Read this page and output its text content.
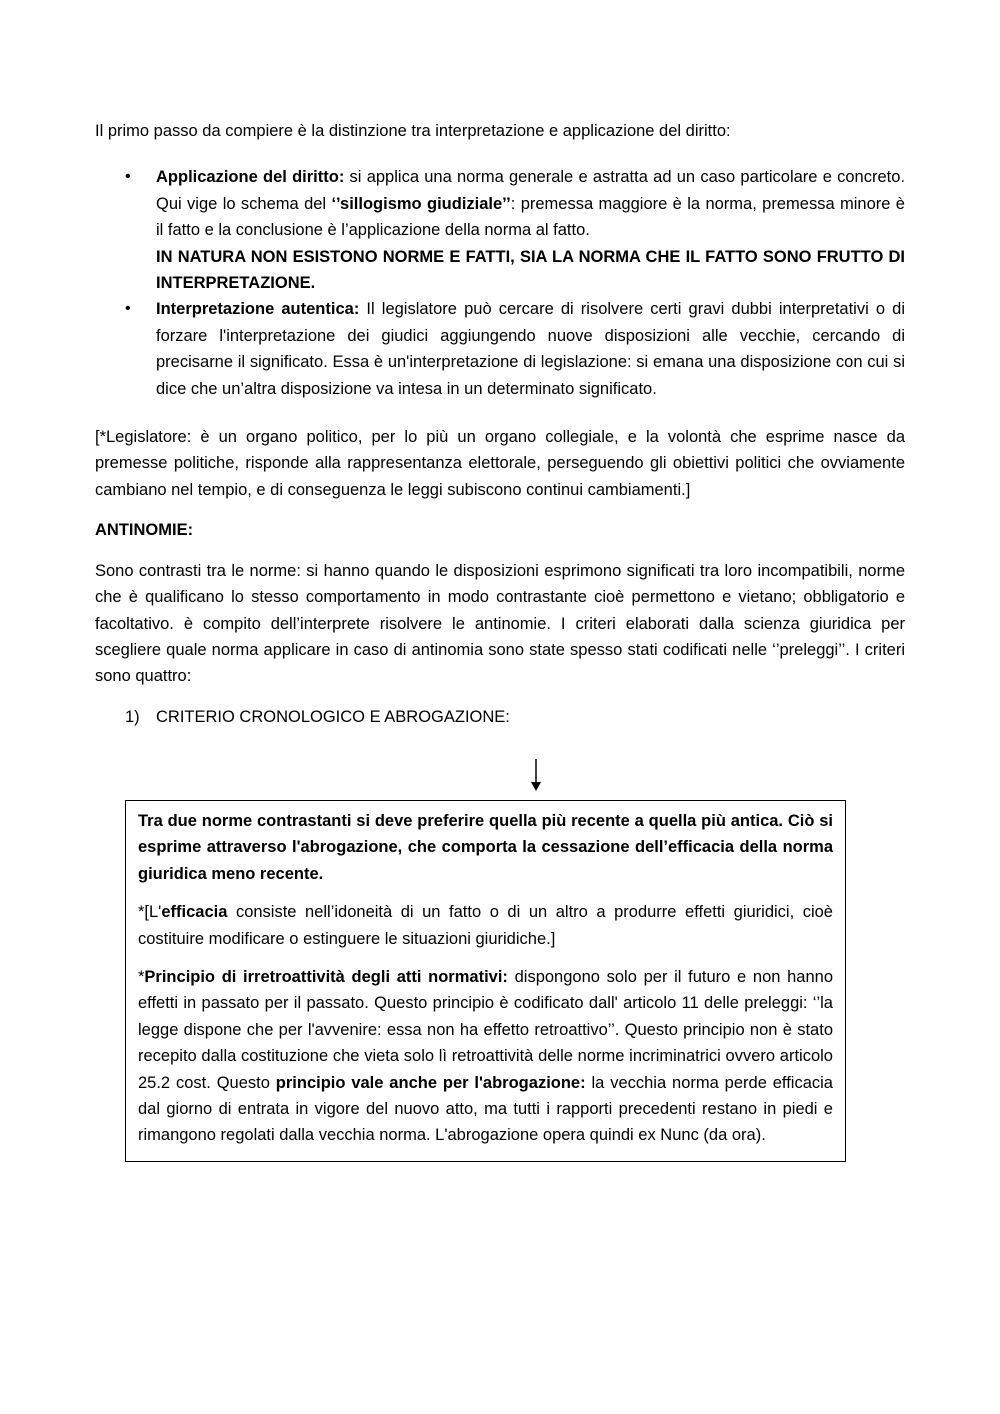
Il primo passo da compiere è la distinzione tra interpretazione e applicazione del diritto:

• Applicazione del diritto: si applica una norma generale e astratta ad un caso particolare e concreto. Qui vige lo schema del ‘’sillogismo giudiziale’’: premessa maggiore è la norma, premessa minore è il fatto e la conclusione è l’applicazione della norma al fatto.
IN NATURA NON ESISTONO NORME E FATTI, SIA LA NORMA CHE IL FATTO SONO FRUTTO DI INTERPRETAZIONE.
• Interpretazione autentica: Il legislatore può cercare di risolvere certi gravi dubbi interpretativi o di forzare l'interpretazione dei giudici aggiungendo nuove disposizioni alle vecchie, cercando di precisarne il significato. Essa è un'interpretazione di legislazione: si emana una disposizione con cui si dice che un’altra disposizione va intesa in un determinato significato.

[*Legislatore: è un organo politico, per lo più un organo collegiale, e la volontà che esprime nasce da premesse politiche, risponde alla rappresentanza elettorale, perseguendo gli obiettivi politici che ovviamente cambiano nel tempio, e di conseguenza le leggi subiscono continui cambiamenti.]

ANTINOMIE:

Sono contrasti tra le norme: si hanno quando le disposizioni esprimono significati tra loro incompatibili, norme che è qualificano lo stesso comportamento in modo contrastante cioè permettono e vietano; obbligatorio e facoltativo. è compito dell’interprete risolvere le antinomie. I criteri elaborati dalla scienza giuridica per scegliere quale norma applicare in caso di antinomia sono state spesso stati codificati nelle ‘’preleggi’’. I criteri sono quattro:

1) CRITERIO CRONOLOGICO E ABROGAZIONE:

Tra due norme contrastanti si deve preferire quella più recente a quella più antica. Ciò si esprime attraverso l'abrogazione, che comporta la cessazione dell’efficacia della norma giuridica meno recente.

*[L'efficacia consiste nell’idoneità di un fatto o di un altro a produrre effetti giuridici, cioè costituire modificare o estinguere le situazioni giuridiche.]

*Principio di irretroattività degli atti normativi: dispongono solo per il futuro e non hanno effetti in passato per il passato. Questo principio è codificato dall' articolo 11 delle preleggi: ‘’la legge dispone che per l'avvenire: essa non ha effetto retroattivo’’. Questo principio non è stato recepito dalla costituzione che vieta solo lì retroattività delle norme incriminatrici ovvero articolo 25.2 cost. Questo principio vale anche per l'abrogazione: la vecchia norma perde efficacia dal giorno di entrata in vigore del nuovo atto, ma tutti i rapporti precedenti restano in piedi e rimangono regolati dalla vecchia norma. L'abrogazione opera quindi ex Nunc (da ora).
